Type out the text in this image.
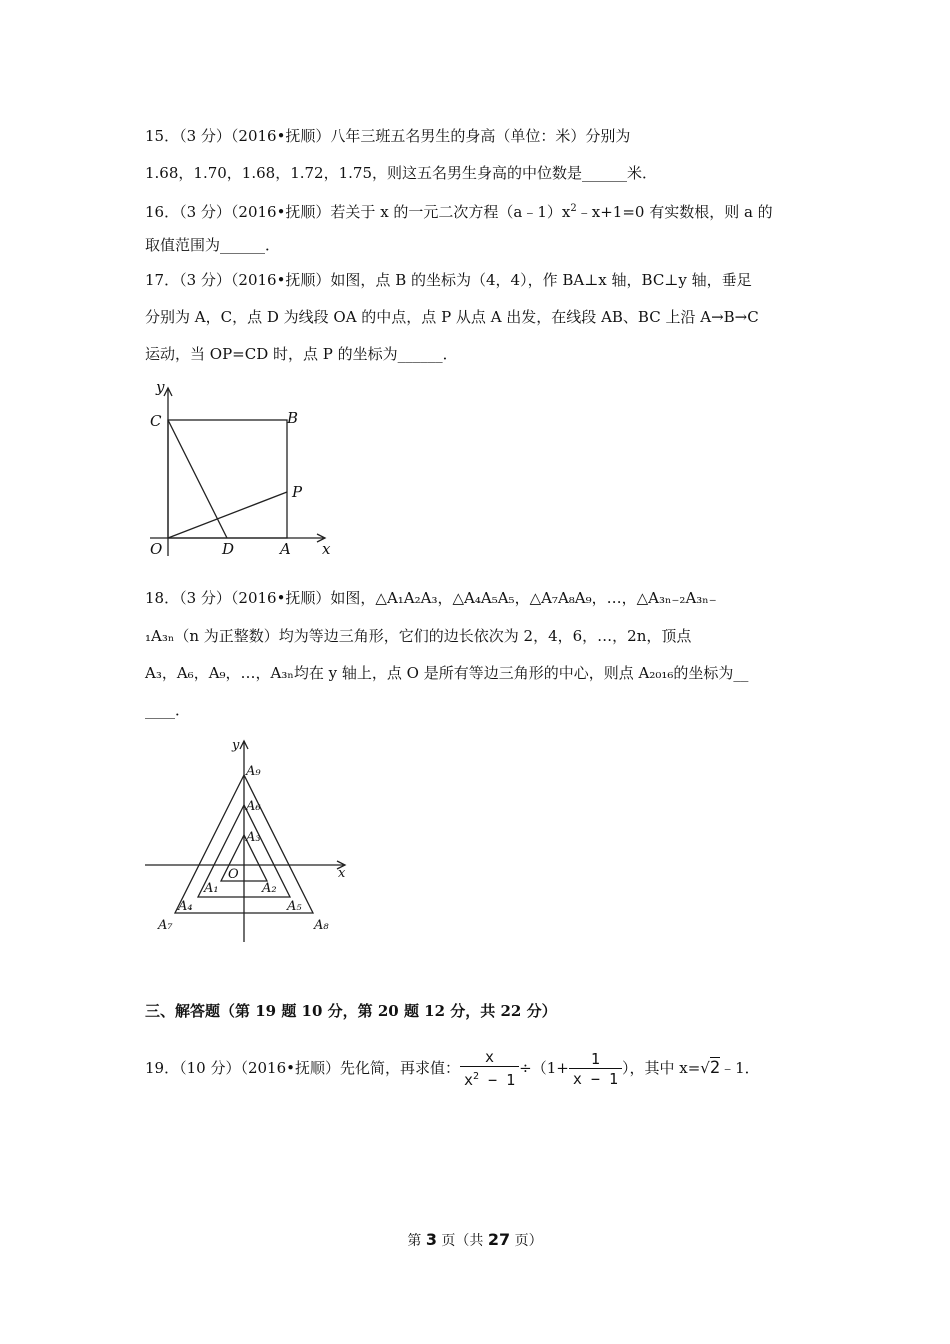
15．（3 分）（2016•抚顺）八年三班五名男生的身高（单位：米）分别为
1.68，1.70，1.68，1.72，1.75，则这五名男生身高的中位数是______米．
16．（3 分）（2016•抚顺）若关于 x 的一元二次方程$(a﹣1)x^2﹣x+1=0$ 有实数根，则 a 的
取值范围为______．
17．（3 分）（2016•抚顺）如图，点 B 的坐标为（4，4），作 BA⊥x 轴，BC⊥y 轴，垂足
分别为 A，C，点 D 为线段 OA 的中点，点 P 从点 A 出发，在线段 AB、BC 上沿 A→B→C
运动，当 OP=CD 时，点 P 的坐标为______．
y
C	B
P
O	D	A x
18．（3 分）（2016•抚顺）如图，△A₁A₂A₃，△A₄A₅A₅，△A₇A₈A₉，…，△A₃ₙ₋₂A₃ₙ₋
₁A₃ₙ（n 为正整数）均为等边三角形，它们的边长依次为 2，4，6，…，2n，顶点
A₃，A₆，A₉，…，A₃ₙ均在 y 轴上，点 O 是所有等边三角形的中心，则点 A₂₀₁₆的坐标为__
____．
y
A₉
A₆
A₃
O
A₁	A₂
A₄	A₅
A₇	A₈
x
三、解答题（第 19 题 10 分，第 20 题 12 分，共 22 分）
19．（10 分）（2016•抚顺）先化简，再求值： $\frac{x}{x^2 - 1} \div(1+ \frac{1}{x - 1}$ ），其中 x=√2﹣1．
第 3 页（共 27 页）
